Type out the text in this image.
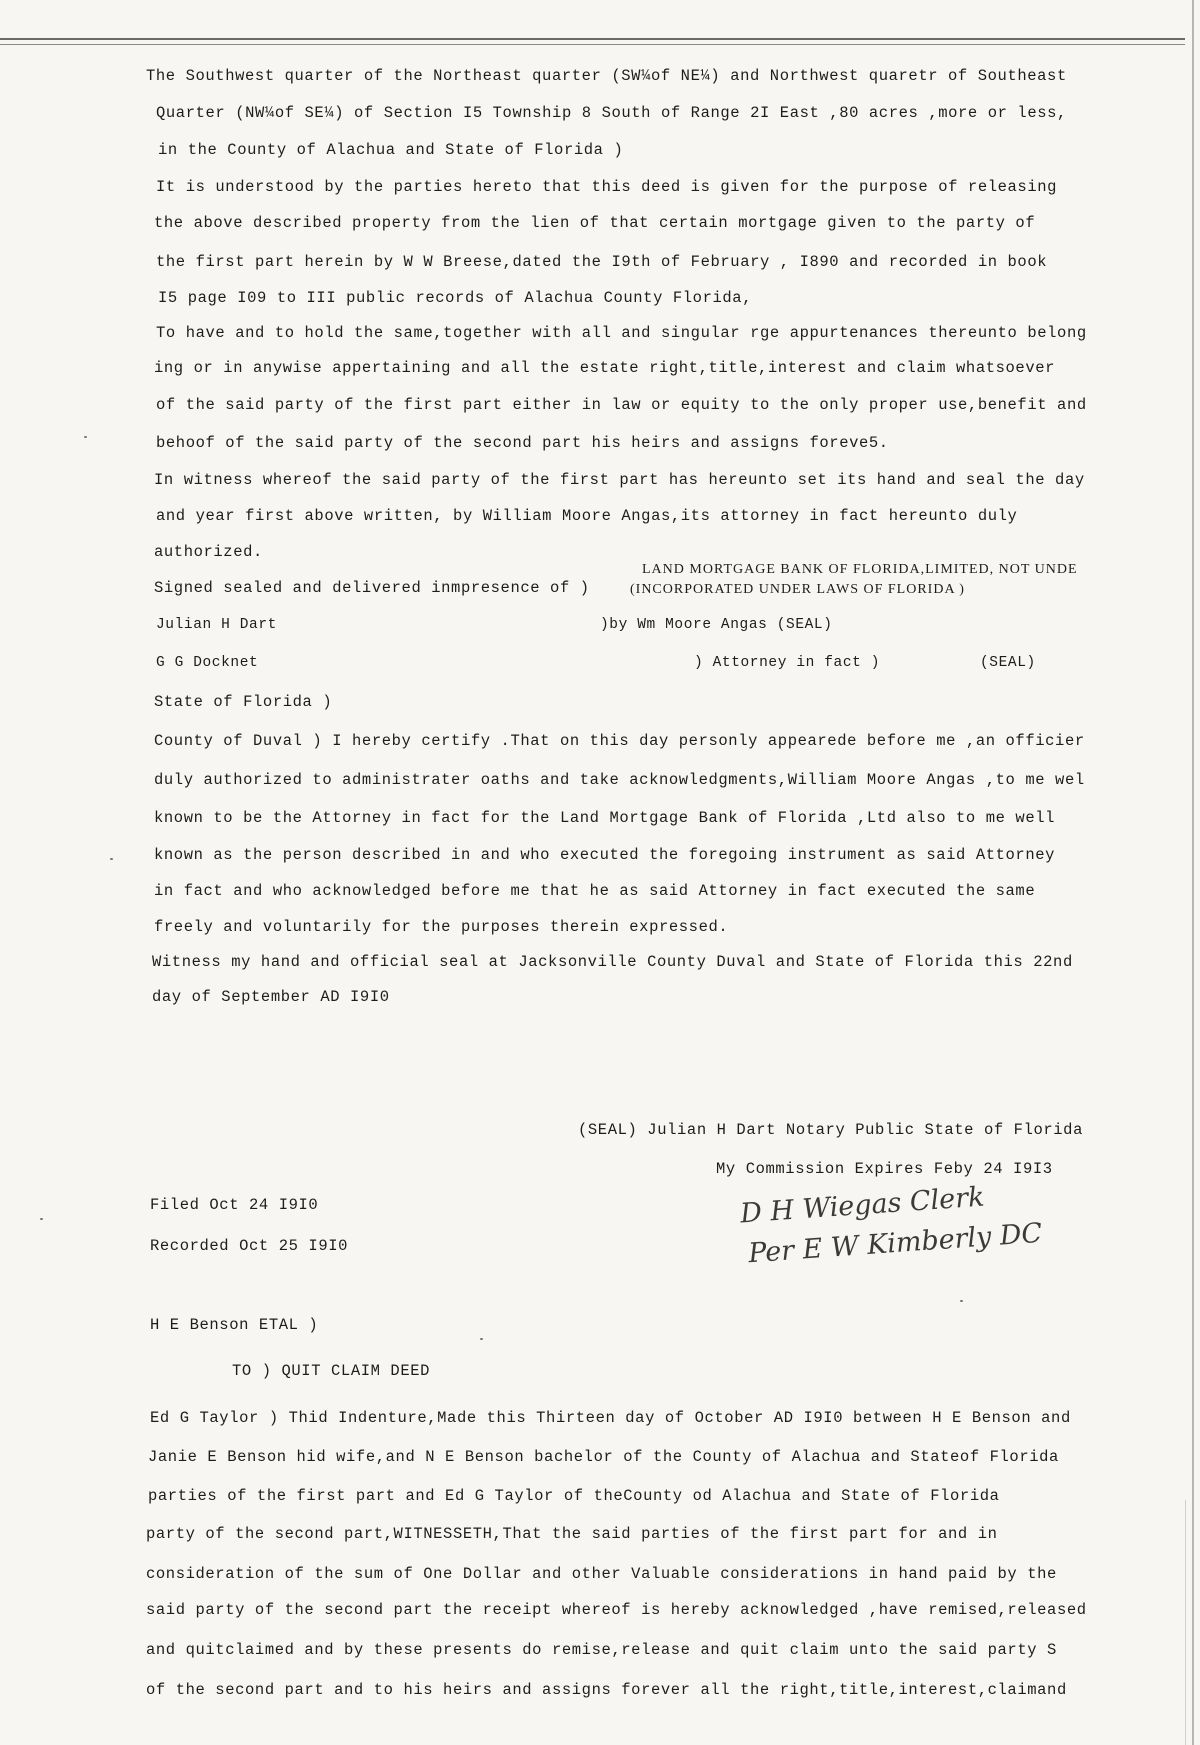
The Southwest quarter of the Northeast quarter (SW¼of NE¼) and Northwest quaretr of Southeast
Quarter (NW¼of SE¼) of Section I5 Township 8 South of Range 2I East ,80 acres ,more or less,
in the County of Alachua and State of Florida )
It is understood by the parties hereto that this deed is given for the purpose of releasing
the above described property from the lien of that certain mortgage given to the party of
the first part herein by W W Breese,dated the I9th of February , I890 and recorded in book
I5 page I09 to III public records of Alachua County Florida,
To have and to hold the same,together with all and singular rge appurtenances thereunto belong
ing or in anywise appertaining and all the estate right,title,interest and claim whatsoever
of the said party of the first part either in law or equity to the only proper use,benefit and
behoof of the said party of the second part his heirs and assigns foreve5.
In witness whereof the said party of the first part has hereunto set its hand and seal the day
and year first above written, by William Moore Angas,its attorney in fact hereunto duly
authorized.
LAND MORTGAGE BANK OF FLORIDA,LIMITED, NOT UNDE
(INCORPORATED UNDER LAWS OF FLORIDA )
Signed sealed and delivered inmpresence of )
Julian H Dart	)by Wm Moore Angas (SEAL)
G G Docknet	) Attorney in fact )	(SEAL)
State of Florida )
County of Duval ) I hereby certify .That on this day personly appearede before me ,an officier
duly authorized to administrater oaths and take acknowledgments,William Moore Angas ,to me wel
known to be the Attorney in fact for the Land Mortgage Bank of Florida ,Ltd also to me well
known as the person described in and who executed the foregoing instrument as said Attorney
in fact and who acknowledged before me that he as said Attorney in fact executed the same
freely and voluntarily for the purposes therein expressed.
Witness my hand and official seal at Jacksonville County Duval and State of Florida this 22nd
day of September AD I9I0
(SEAL) Julian H Dart Notary Public State of Florida
My Commission Expires Feby 24 I9I3
Filed Oct 24 I9I0
Recorded Oct 25 I9I0
D H Wiegas Clerk
Per E W Kimberly DC
H E Benson ETAL )
TO ) QUIT CLAIM DEED
Ed G Taylor ) Thid Indenture,Made this Thirteen day of October AD I9I0 between H E Benson and
Janie E Benson hid wife,and N E Benson bachelor of the County of Alachua and Stateof Florida
parties of the first part and Ed G Taylor of theCounty od Alachua and State of Florida
party of the second part,WITNESSETH,That the said parties of the first part for and in
consideration of the sum of One Dollar and other Valuable considerations in hand paid by the
said party of the second part the receipt whereof is hereby acknowledged ,have remised,released
and quitclaimed and by these presents do remise,release and quit claim unto the said party S
of the second part and to his heirs and assigns forever all the right,title,interest,claimand
